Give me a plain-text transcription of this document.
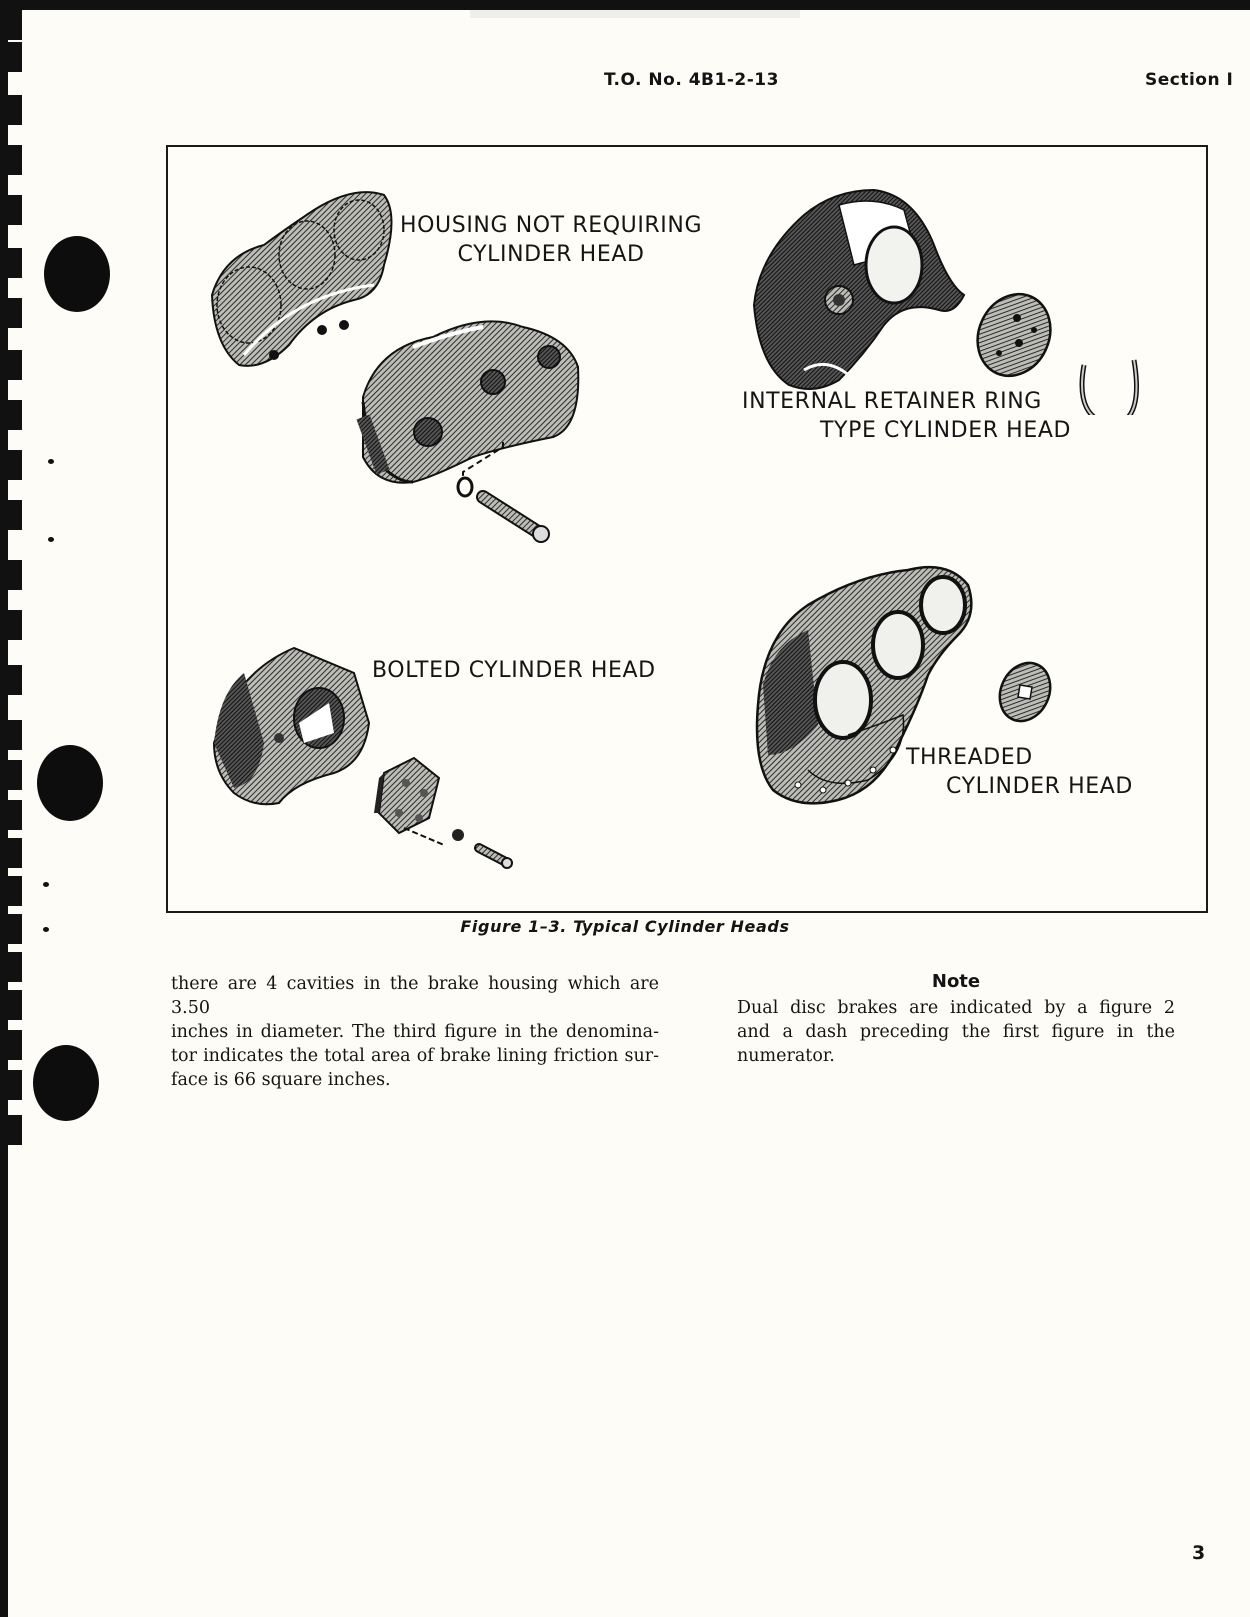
T.O. No. 4B1-2-13	Section I
HOUSING NOT REQUIRING
CYLINDER HEAD
INTERNAL RETAINER RING
TYPE CYLINDER HEAD
BOLTED CYLINDER HEAD
THREADED
CYLINDER HEAD
Figure 1–3. Typical Cylinder Heads
there are 4 cavities in the brake housing which are 3.50
inches in diameter. The third figure in the denomina-
tor indicates the total area of brake lining friction sur-
face is 66 square inches.
Note
Dual disc brakes are indicated by a figure 2
and a dash preceding the first figure in the
numerator.
3
